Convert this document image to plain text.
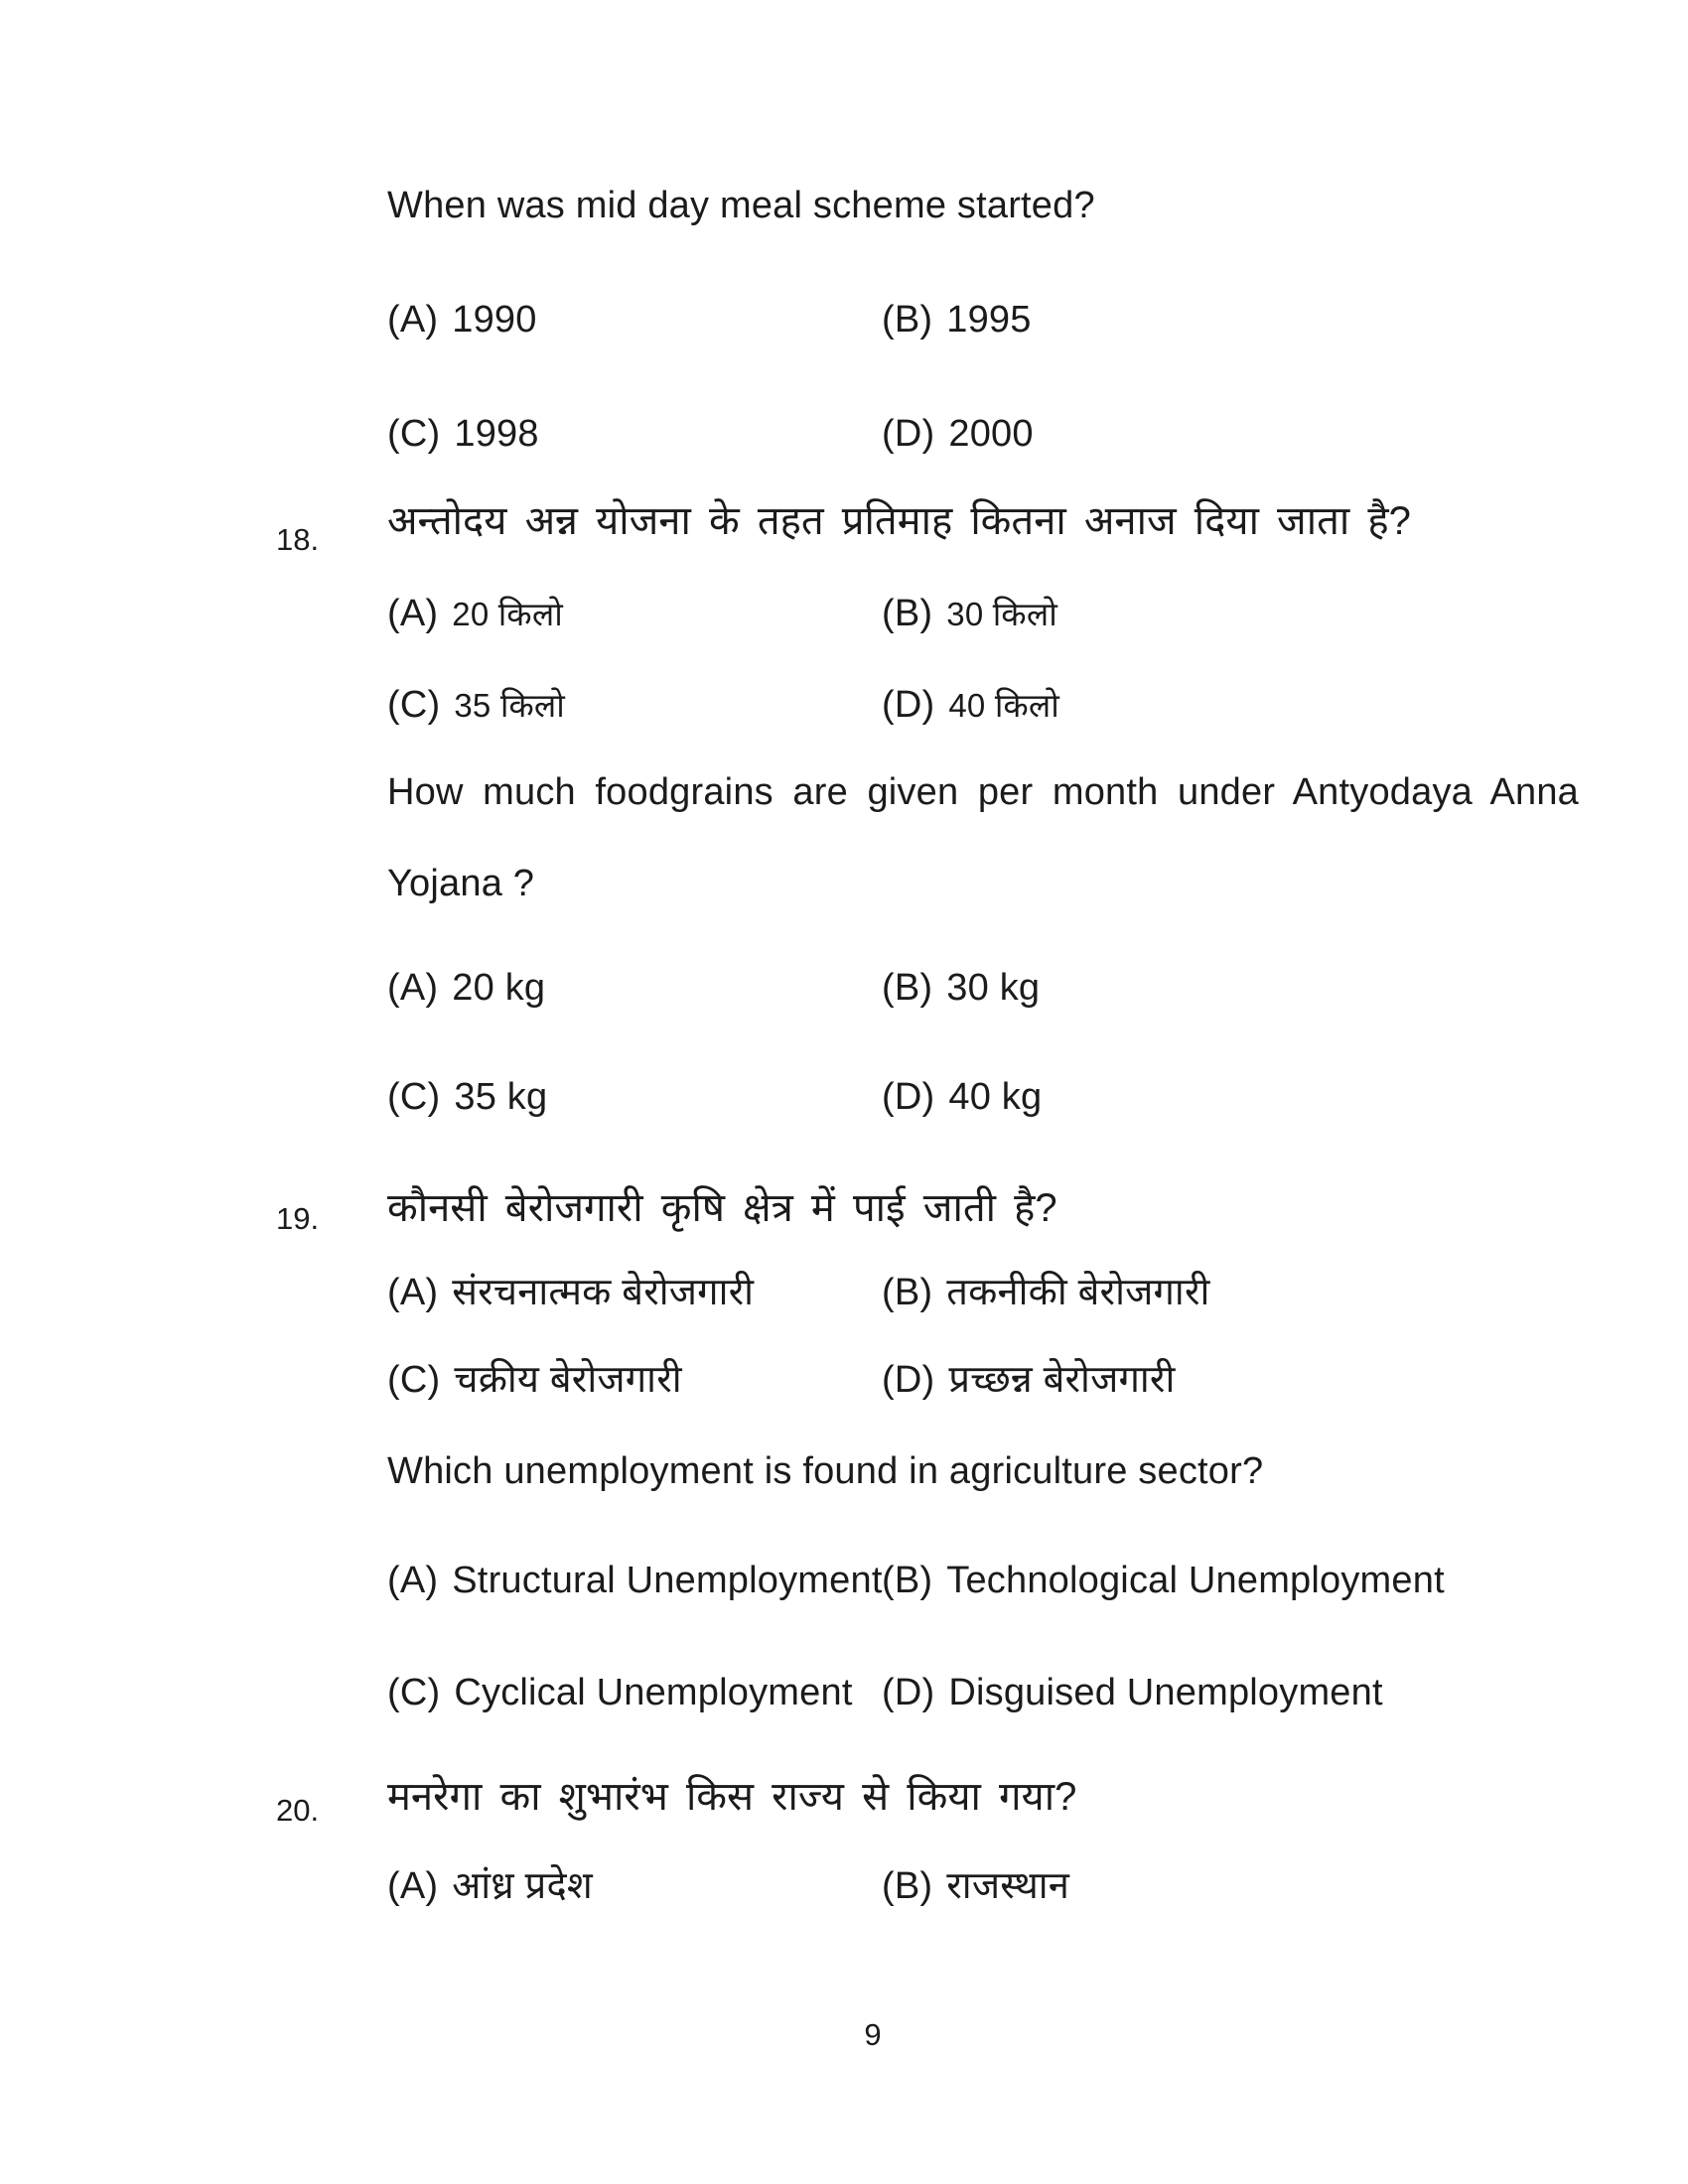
When was mid day meal scheme started?
(A) 1990	(B) 1995
(C) 1998	(D) 2000
18. अन्तोदय अन्न योजना के तहत प्रतिमाह कितना अनाज दिया जाता है?
(A) 20 किलो	(B) 30 किलो
(C) 35 किलो	(D) 40 किलो
How much foodgrains are given per month under Antyodaya Anna Yojana ?
(A) 20 kg	(B) 30 kg
(C) 35 kg	(D) 40 kg
19. कौनसी बेरोजगारी कृषि क्षेत्र में पाई जाती है?
(A) संरचनात्मक बेरोजगारी	(B) तकनीकी बेरोजगारी
(C) चक्रीय बेरोजगारी	(D) प्रच्छन्न बेरोजगारी
Which unemployment is found in agriculture sector?
(A) Structural Unemployment (B) Technological Unemployment
(C) Cyclical Unemployment (D) Disguised Unemployment
20. मनरेगा का शुभारंभ किस राज्य से किया गया?
(A) आंध्र प्रदेश	(B) राजस्थान
9
